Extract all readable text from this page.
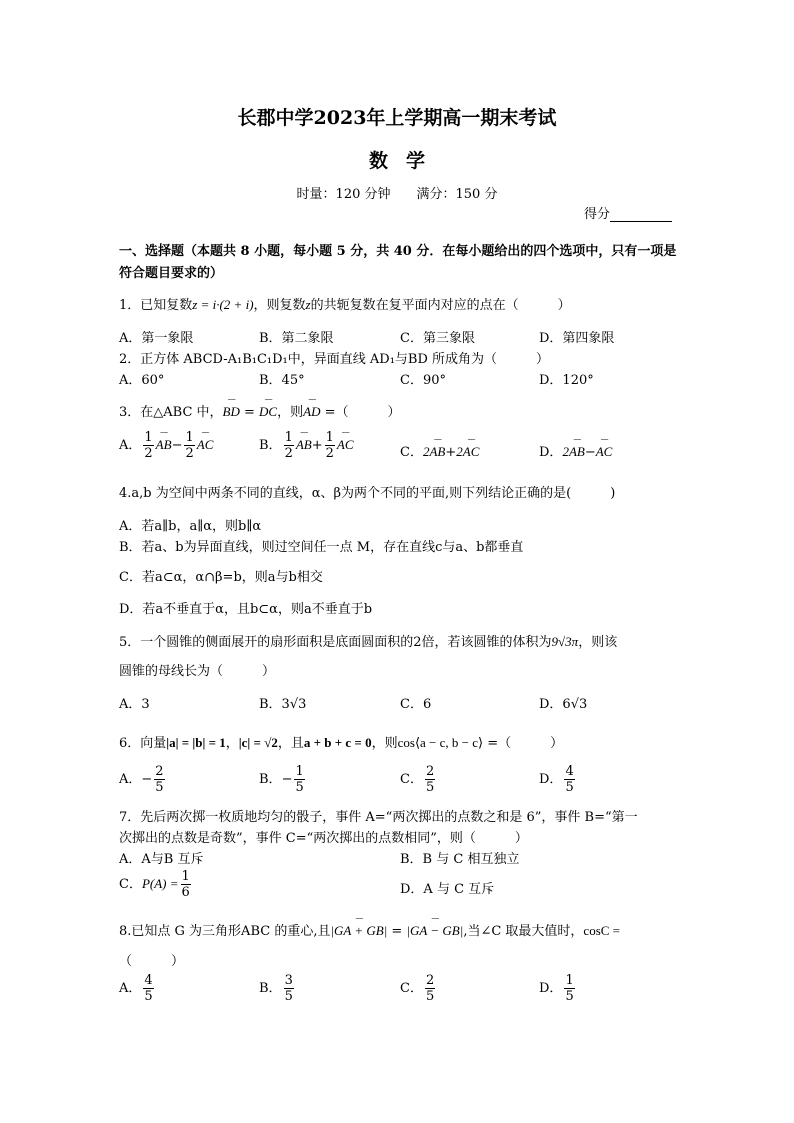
长郡中学2023年上学期高一期末考试
数学
时量：120 分钟　　满分：150 分
得分
一、选择题（本题共 8 小题，每小题 5 分，共 40 分．在每小题给出的四个选项中，只有一项是符合题目要求的）
1．已知复数z = i·(2 + i)，则复数z的共轭复数在复平面内对应的点在（　　　）
A．第一象限	B．第二象限	C．第三象限	D．第四象限
2．正方体 ABCD-A₁B₁C₁D₁中，异面直线 AD₁与BD 所成角为（　　　）
A．60°	B．45°	C．90°	D．120°
3．在△ABC 中，⌢⌢ BD = ⌢⌢ DC，则⌢⌢ AD =（　　　）
A． $\frac{1}{2}$ ⌢⌢ $AB- \frac{1}{2}$ ⌢⌢ AC	B． $\frac{1}{2}$ ⌢⌢ $AB+ \frac{1}{2}$ ⌢⌢ AC
C．2⌢⌢ AB+2⌢⌢ AC	D．2⌢⌢ AB−⌢⌢ AC
4.a,b 为空间中两条不同的直线，α、β为两个不同的平面,则下列结论正确的是(　　　)
A．若a∥b，a∥α，则b∥α
B．若a、b为异面直线，则过空间任一点 M，存在直线c与a、b都垂直
C．若a⊂α，α∩β=b，则a与b相交
D．若a不垂直于α，且b⊂α，则a不垂直于b
5．一个圆锥的侧面展开的扇形面积是底面圆面积的2倍，若该圆锥的体积为9√3π，则该
圆锥的母线长为（　　　）
A．3	B．3√3	C．6	D．6√3
6．向量|a| = |b| = 1，|c| = √2，且a + b + c = 0，则cos⟨a − c, b − c⟩ =（　　　）
A．− $\frac{2}{5}$	B．− $\frac{1}{5}$	C． $\frac{2}{5}$	D． $\frac{4}{5}$
7．先后两次掷一枚质地均匀的骰子，事件 A=“两次掷出的点数之和是 6”，事件 B=“第一
次掷出的点数是奇数”，事件 C=“两次掷出的点数相同”，则（　　　）
A．A与B 互斥	B．B 与 C 相互独立
C．$P(A) = \frac{1}{6}$	D．A 与 C 互斥
8.已知点 G 为三角形ABC 的重心,且⌢⌢ |GA + GB| = ⌢⌢ |GA − GB|,当∠C 取最大值时，cosC =
（　　　）
A． $\frac{4}{5}$	B． $\frac{3}{5}$	C． $\frac{2}{5}$	D． $\frac{1}{5}$
